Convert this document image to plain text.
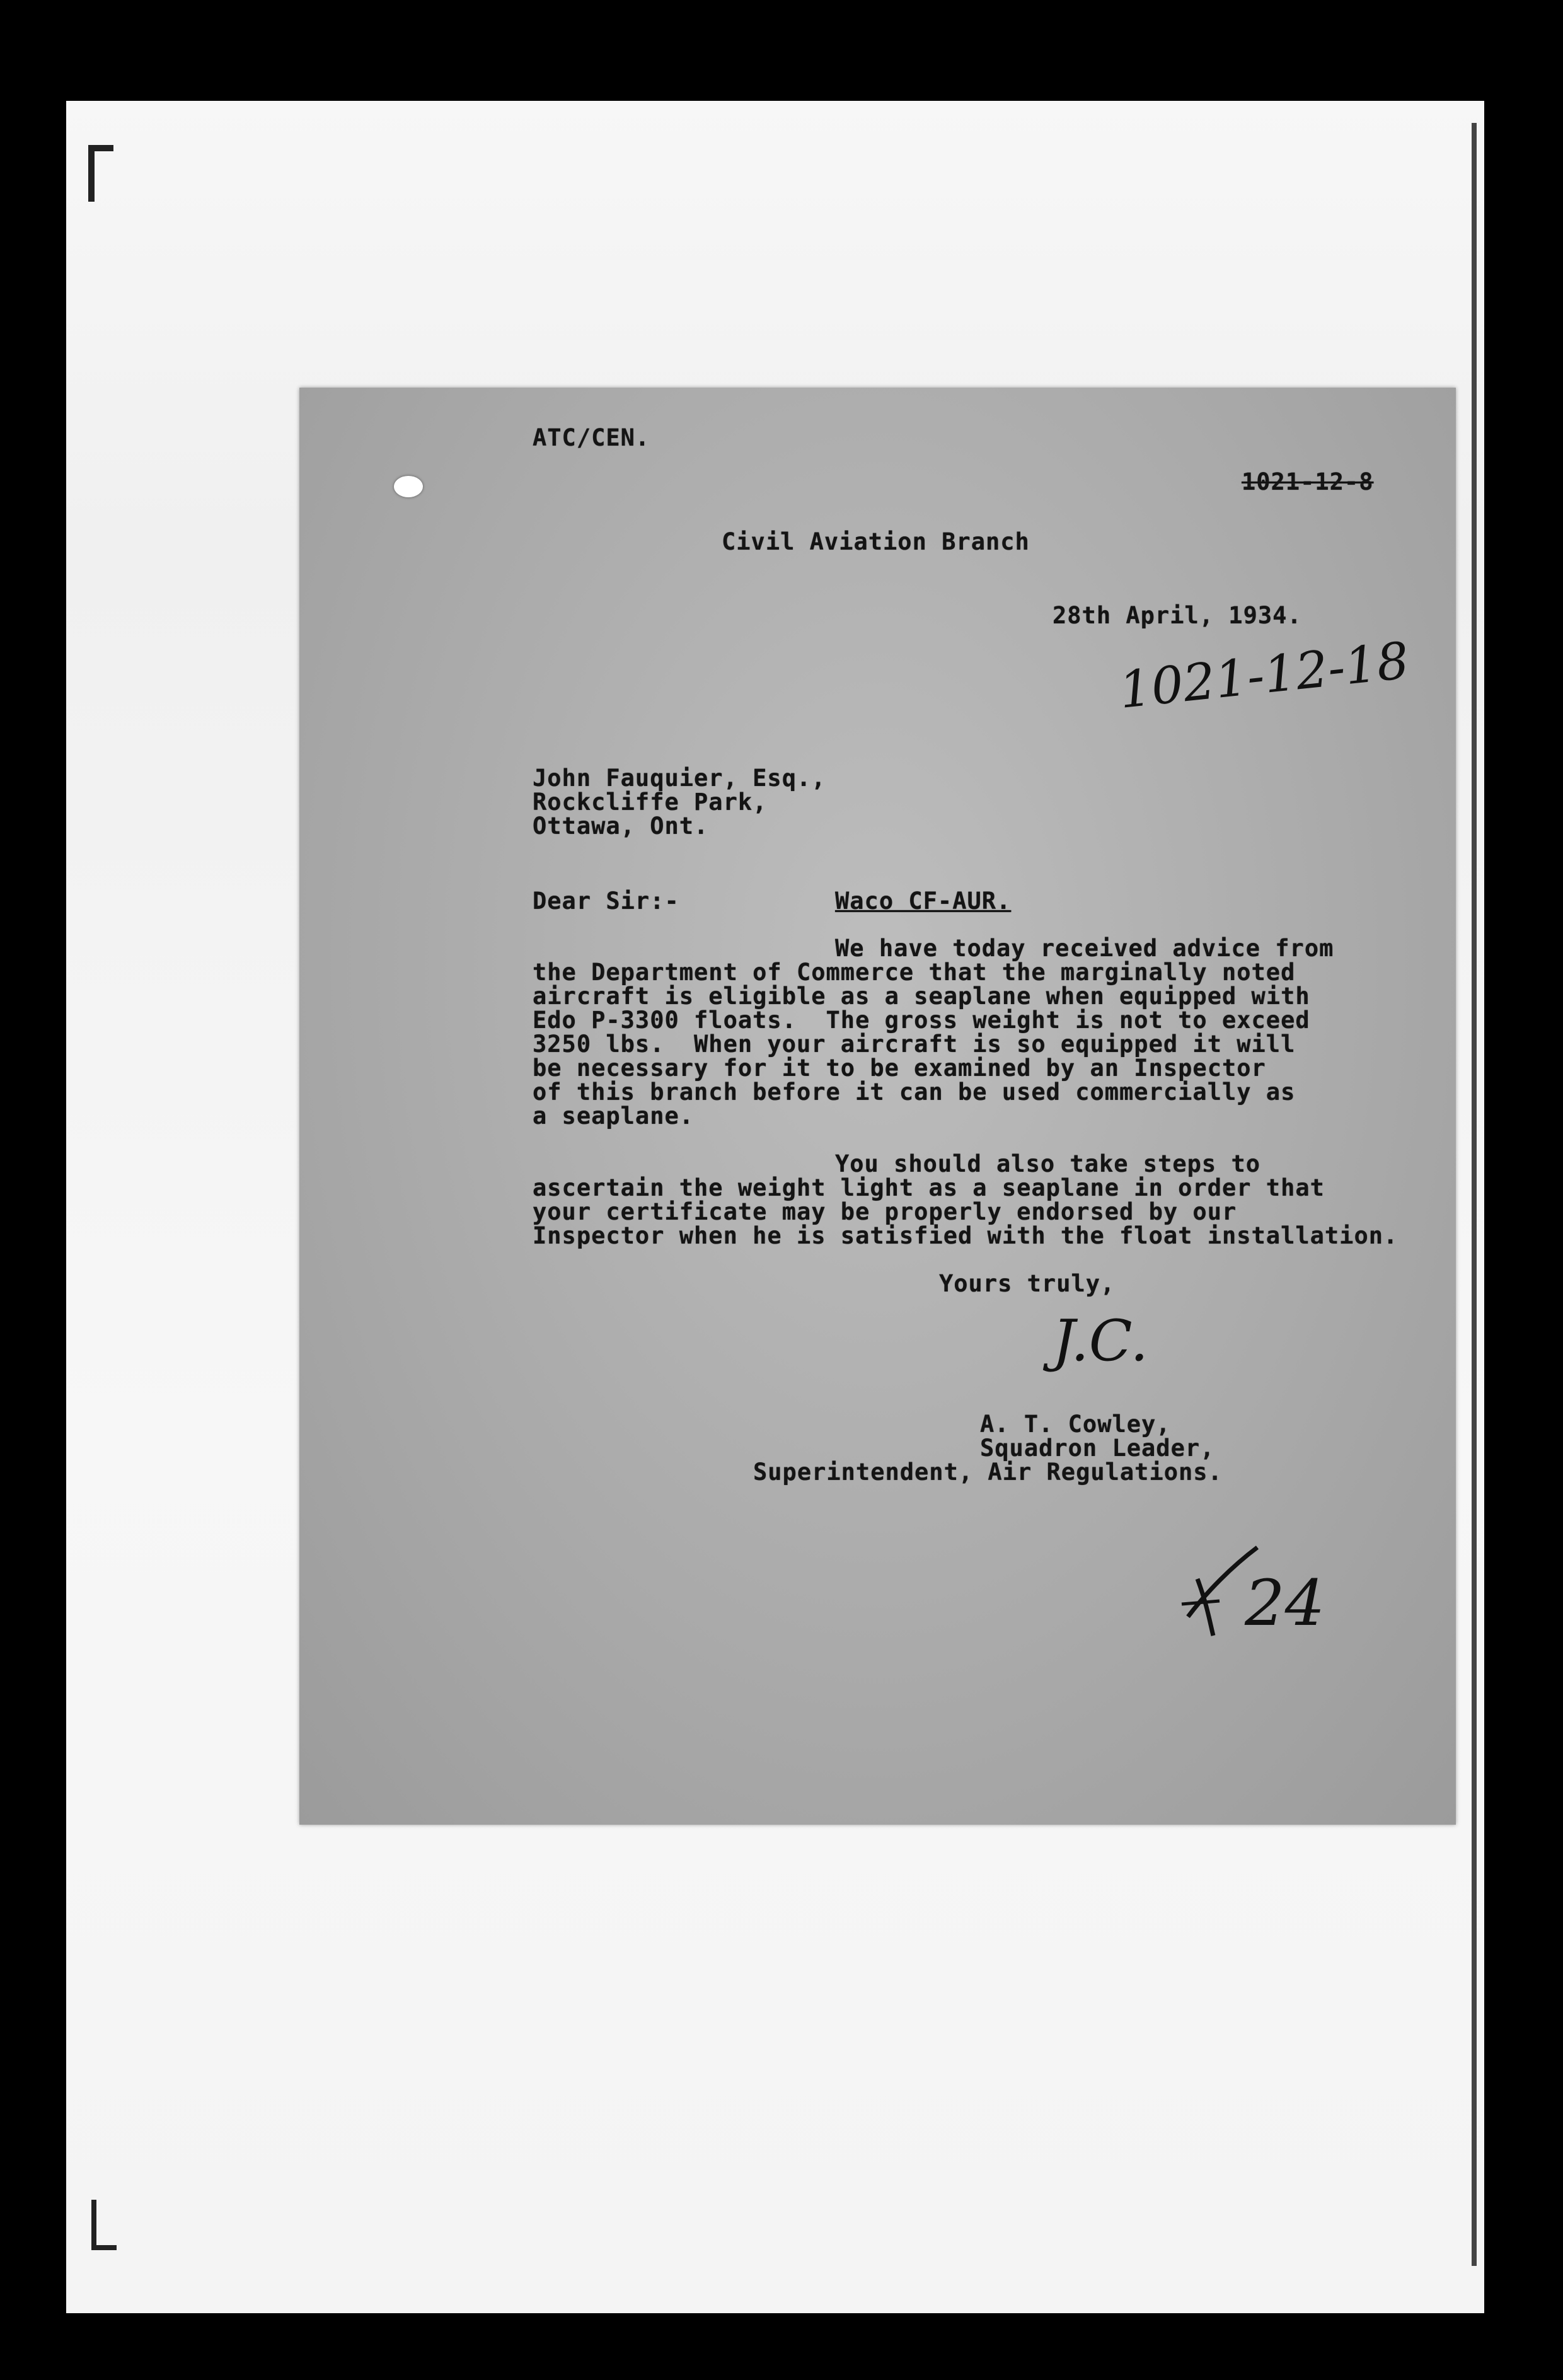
ATC/CEN.
1021-12-8
Civil Aviation Branch
28th April, 1934.
1021-12-18
John Fauquier, Esq.,
Rockcliffe Park,
Ottawa, Ont.
Dear Sir:-	Waco CF-AUR.
We have today received advice from
the Department of Commerce that the marginally noted
aircraft is eligible as a seaplane when equipped with
Edo P-3300 floats.  The gross weight is not to exceed
3250 lbs.  When your aircraft is so equipped it will
be necessary for it to be examined by an Inspector
of this branch before it can be used commercially as
a seaplane.
You should also take steps to
ascertain the weight light as a seaplane in order that
your certificate may be properly endorsed by our
Inspector when he is satisfied with the float installation.
Yours truly,
J.C.
A. T. Cowley,
Squadron Leader,
Superintendent, Air Regulations.
24
